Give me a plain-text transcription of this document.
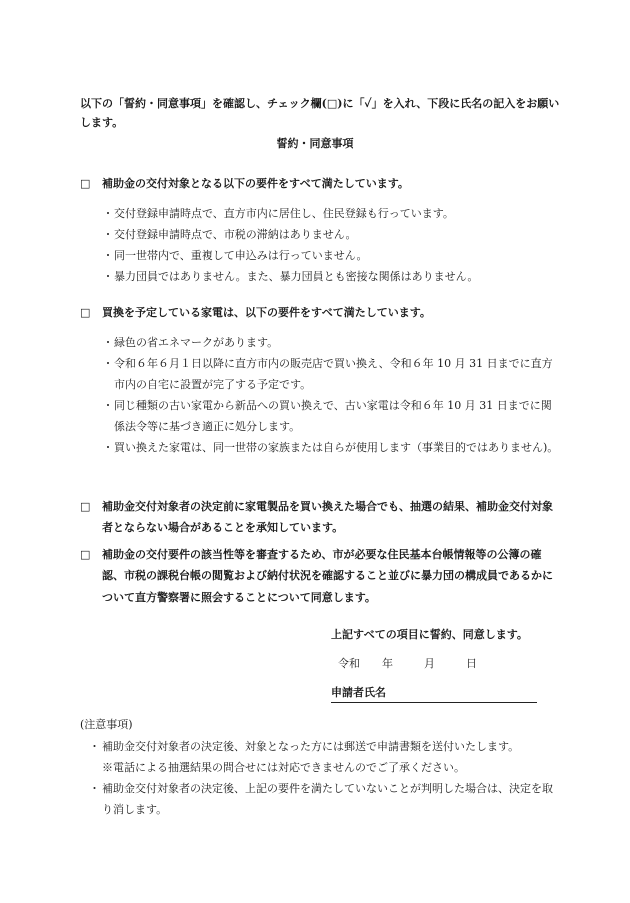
以下の「誓約・同意事項」を確認し、チェック欄(□)に「✓」を入れ、下段に氏名の記入をお願いします。
誓約・同意事項
□	補助金の交付対象となる以下の要件をすべて満たしています。
・ 交付登録申請時点で、直方市内に居住し、住民登録も行っています。
・ 交付登録申請時点で、市税の滞納はありません。
・ 同一世帯内で、重複して申込みは行っていません。
・ 暴力団員ではありません。また、暴力団員とも密接な関係はありません。
□	買換を予定している家電は、以下の要件をすべて満たしています。
・ 緑色の省エネマークがあります。
・ 令和６年６月１日以降に直方市内の販売店で買い換え、令和６年 10 月 31 日までに直方市内の自宅に設置が完了する予定です。
・ 同じ種類の古い家電から新品への買い換えで、古い家電は令和６年 10 月 31 日までに関係法令等に基づき適正に処分します。
・ 買い換えた家電は、同一世帯の家族または自らが使用します（事業目的ではありません)。
□	補助金交付対象者の決定前に家電製品を買い換えた場合でも、抽選の結果、補助金交付対象者とならない場合があることを承知しています。
□	補助金の交付要件の該当性等を審査するため、市が必要な住民基本台帳情報等の公簿の確認、市税の課税台帳の閲覧および納付状況を確認すること並びに暴力団の構成員であるかについて直方警察署に照会することについて同意します。
上記すべての項目に誓約、同意します。
令和	年	月	日
申請者氏名
(注意事項)
・ 補助金交付対象者の決定後、対象となった方には郵送で申請書類を送付いたします。
※電話による抽選結果の問合せには対応できませんのでご了承ください。
・ 補助金交付対象者の決定後、上記の要件を満たしていないことが判明した場合は、決定を取り消します。
